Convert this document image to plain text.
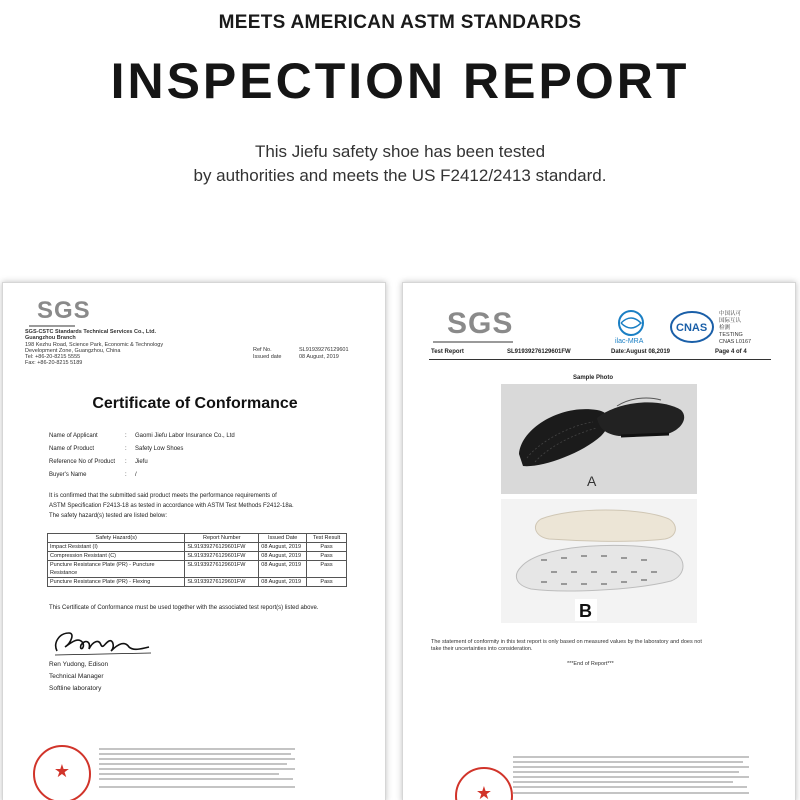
MEETS AMERICAN ASTM STANDARDS
INSPECTION REPORT
This Jiefu safety shoe has been tested
by authorities and meets the US F2412/2413 standard.
SGS
SGS-CSTC Standards Technical Services Co., Ltd.
Guangzhou Branch
198 Kezhu Road, Science Park, Economic & Technology
Development Zone, Guangzhou, China
Tel: +86-20-8215 5555
Fax: +86-20-8215 5189
Ref No.	SL91939276129601
Issued date	08 August, 2019
Certificate of Conformance
Name of Applicant	: Gaomi Jiefu Labor Insurance Co., Ltd
Name of Product	: Safety Low Shoes
Reference No of Product	: Jiefu
Buyer's Name	: /
It is confirmed that the submitted said product meets the performance requirements of
ASTM Specification F2413-18 as tested in accordance with ASTM Test Methods F2412-18a.
The safety hazard(s) tested are listed below:
Safety Hazard(s)	Report Number	Issued Date	Test Result
Impact Resistant (I)	SL91939276129601FW	08 August, 2019	Pass
Compression Resistant (C)	SL91939276129601FW	08 August, 2019	Pass
Puncture Resistance Plate (PR) - Puncture Resistance	SL91939276129601FW	08 August, 2019	Pass
Puncture Resistance Plate (PR) - Flexing	SL91939276129601FW	08 August, 2019	Pass
This Certificate of Conformance must be used together with the associated test report(s) listed above.
Ren Yudong, Edison
Technical Manager
Softline laboratory
★
SGS
ilac-MRA
CNAS
中国认可
国际互认
检测
TESTING
CNAS L0167
Test Report	SL91939276129601FW	Date:August 08,2019	Page 4 of 4
Sample Photo
A
B
The statement of conformity in this test report is only based on measured values by the laboratory and does not
take their uncertainties into consideration.
***End of Report***
★
